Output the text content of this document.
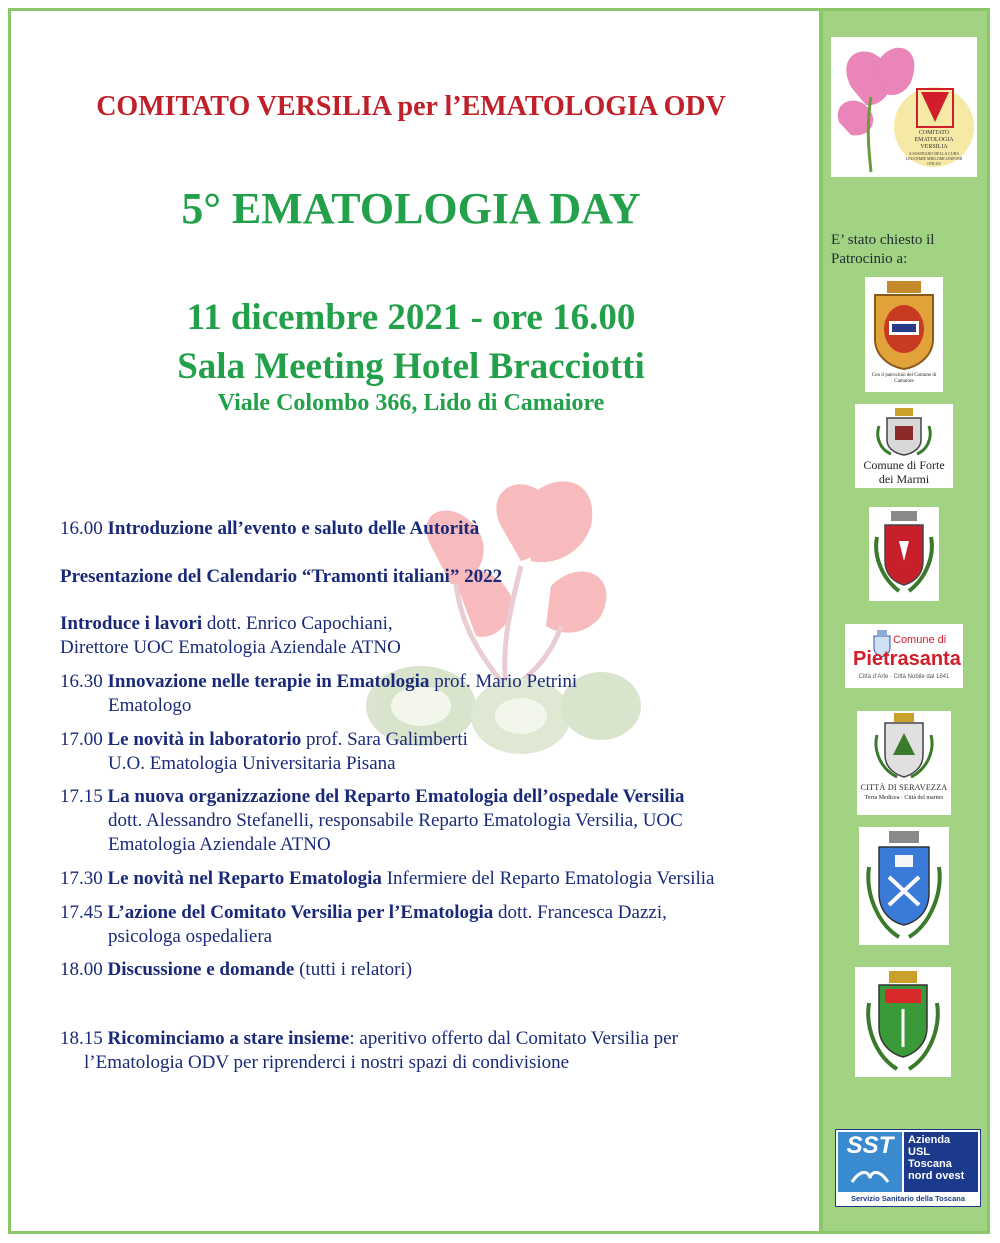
COMITATO VERSILIA per l’EMATOLOGIA ODV
5° EMATOLOGIA DAY
11 dicembre 2021 - ore 16.00
Sala Meeting Hotel Bracciotti
Viale Colombo 366, Lido di Camaiore
16.00 Introduzione all’evento e saluto delle Autorità
Presentazione del Calendario “Tramonti italiani” 2022
Introduce i lavori dott. Enrico Capochiani,
Direttore UOC Ematologia Aziendale ATNO
16.30 Innovazione nelle terapie in Ematologia prof. Mario Petrini
Ematologo
17.00 Le novità in laboratorio prof. Sara Galimberti
U.O. Ematologia Universitaria Pisana
17.15 La nuova organizzazione del Reparto Ematologia dell’ospedale Versilia
dott. Alessandro Stefanelli, responsabile Reparto Ematologia Versilia, UOC
Ematologia Aziendale ATNO
17.30 Le novità nel Reparto Ematologia Infermiere del Reparto Ematologia Versilia
17.45 L’azione del Comitato Versilia per l’Ematologia dott. Francesca Dazzi,
psicologa ospedaliera
18.00 Discussione e domande (tutti i relatori)
18.15 Ricominciamo a stare insieme: aperitivo offerto dal Comitato Versilia per
l’Ematologia ODV per riprenderci i nostri spazi di condivisione
COMITATO EMATOLOGIA VERSILIA
A SOSTEGNO DELLA CURA LEUCEMIE MIELOMI LINFOMI ONLUS
E’ stato chiesto il Patrocinio a:
Con il patrocinio del Comune di Camaiore
Comune di Forte dei Marmi
Comune di
Pietrasanta
Città d’Arte · Città Nobile dal 1841
CITTÀ DI SERAVEZZA
Terra Medicea · Città del marmo
SST	Azienda USL Toscana nord ovest
Servizio Sanitario della Toscana
